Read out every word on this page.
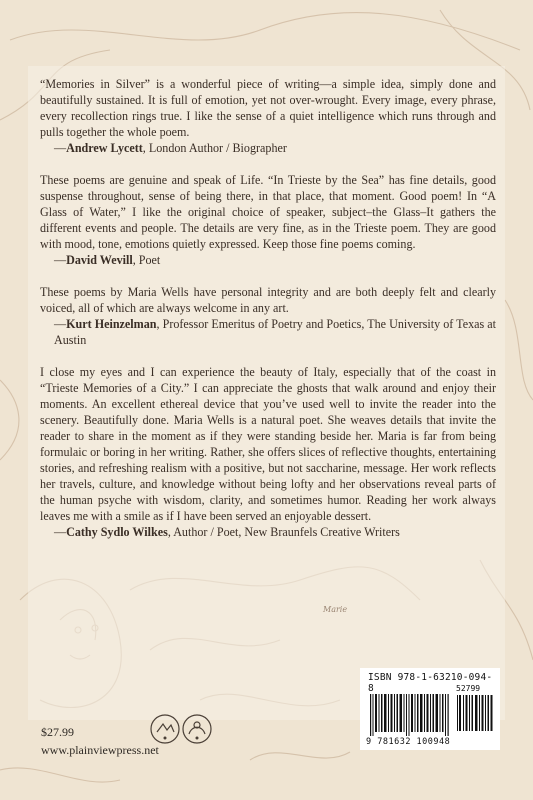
“Memories in Silver” is a wonderful piece of writing—a simple idea, simply done and beautifully sustained. It is full of emotion, yet not over-wrought. Every image, every phrase, every recollection rings true. I like the sense of a quiet intelligence which runs through and pulls together the whole poem.

—Andrew Lycett, London Author / Biographer

These poems are genuine and speak of Life. “In Trieste by the Sea” has fine details, good suspense throughout, sense of being there, in that place, that moment. Good poem! In “A Glass of Water,” I like the original choice of speaker, subject–the Glass–It gathers the different events and people. The details are very fine, as in the Trieste poem. They are good with mood, tone, emotions quietly expressed. Keep those fine poems coming.

—David Wevill, Poet

These poems by Maria Wells have personal integrity and are both deeply felt and clearly voiced, all of which are always welcome in any art.

—Kurt Heinzelman, Professor Emeritus of Poetry and Poetics, The University of Texas at Austin

I close my eyes and I can experience the beauty of Italy, especially that of the coast in “Trieste Memories of a City.” I can appreciate the ghosts that walk around and enjoy their moments. An excellent ethereal device that you’ve used well to invite the reader into the scenery. Beautifully done. Maria Wells is a natural poet. She weaves details that invite the reader to share in the moment as if they were standing beside her. Maria is far from being formulaic or boring in her writing. Rather, she offers slices of reflective thoughts, entertaining stories, and refreshing realism with a positive, but not saccharine, message. Her work reflects her travels, culture, and knowledge without being lofty and her observations reveal parts of the human psyche with wisdom, clarity, and sometimes humor. Reading her work always leaves me with a smile as if I have been served an enjoyable dessert.

—Cathy Sydlo Wilkes, Author / Poet, New Braunfels Creative Writers

Marie
$27.99
www.plainviewpress.net
ISBN 978-1-63210-094-8	52799
9 781632 100948
